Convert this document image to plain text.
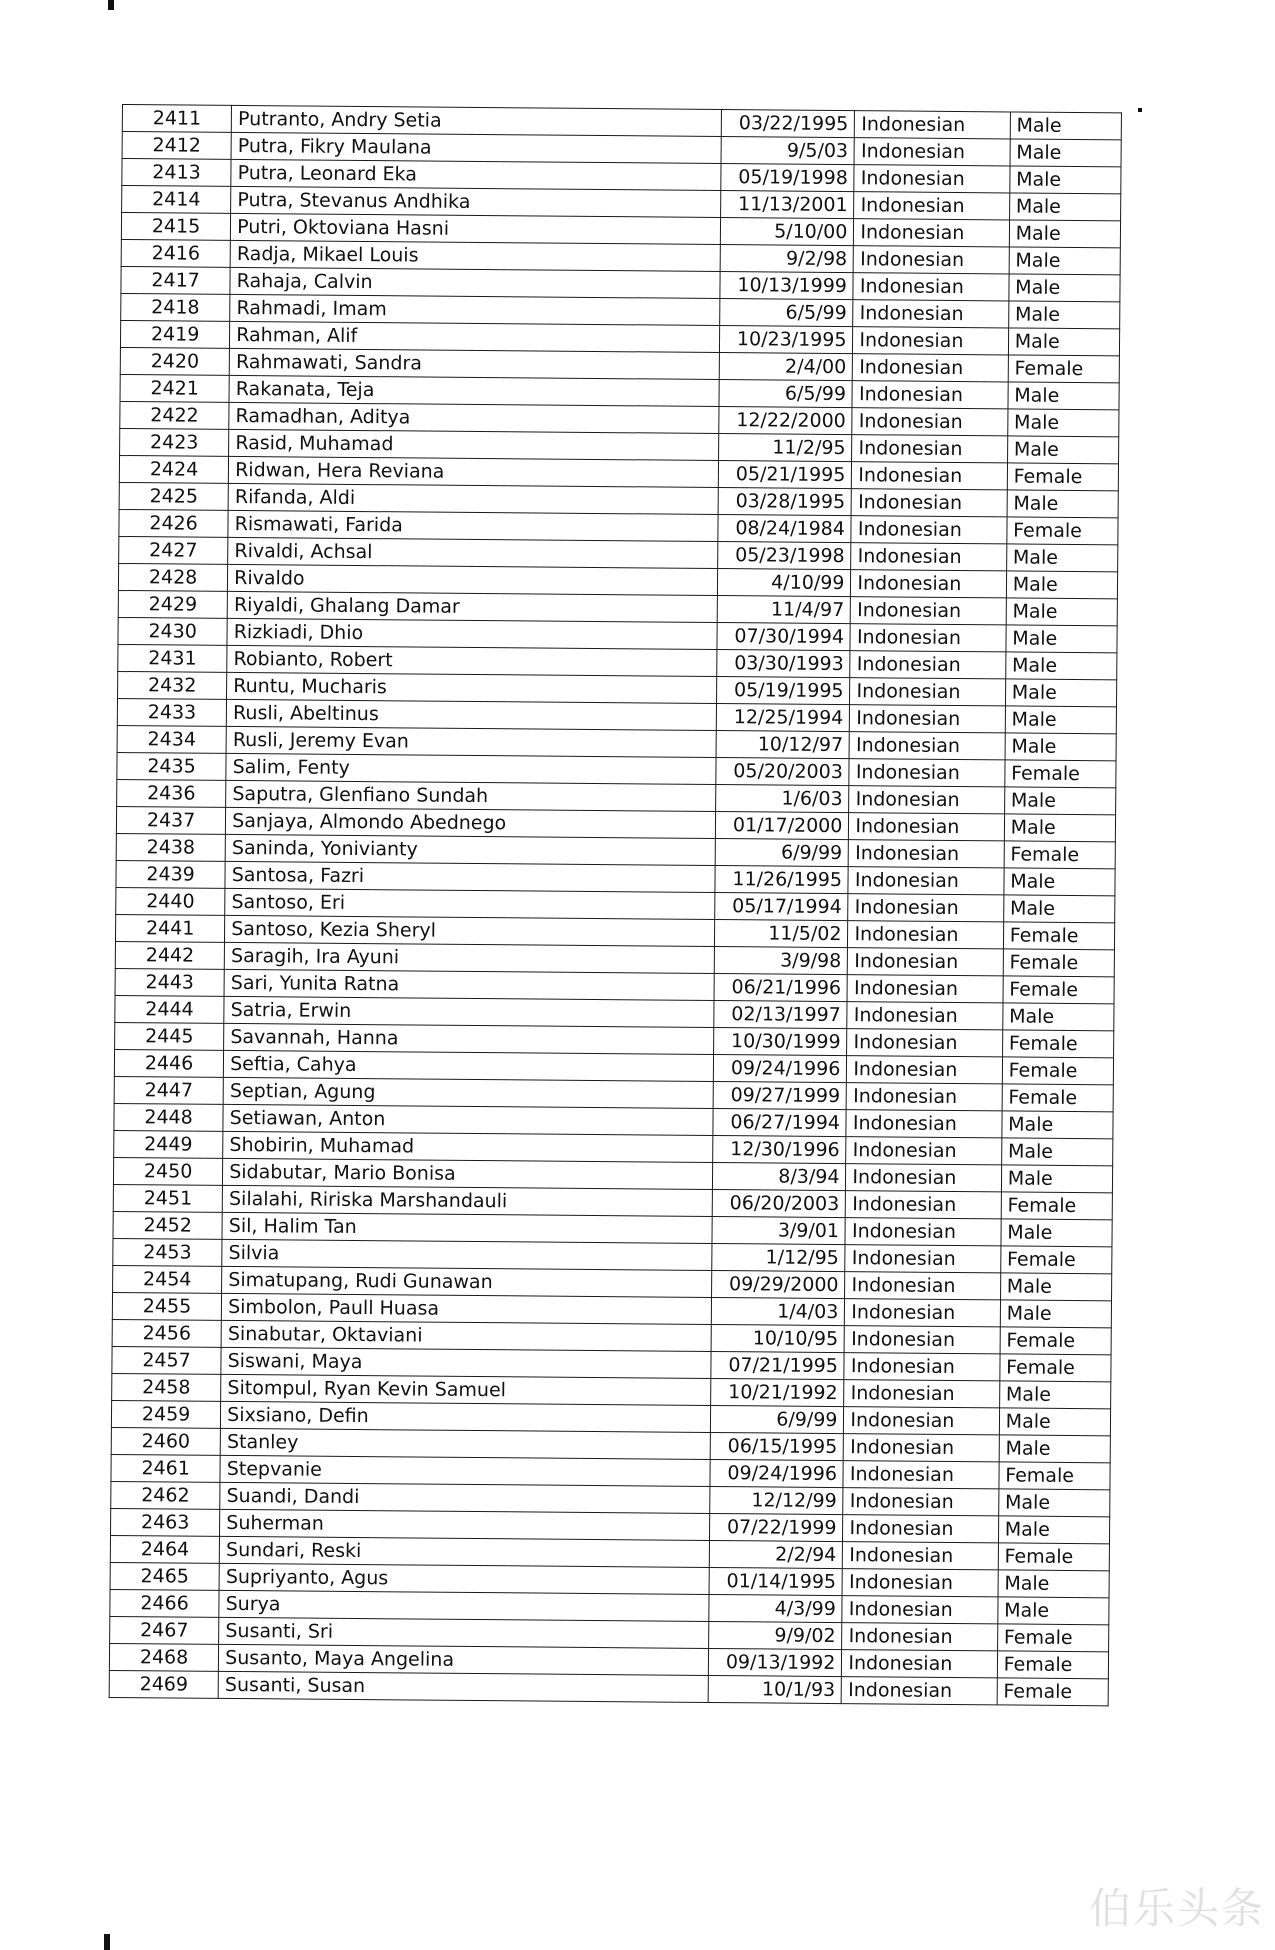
2411	Putranto, Andry Setia	03/22/1995	Indonesian	Male
2412	Putra, Fikry Maulana	9/5/03	Indonesian	Male
2413	Putra, Leonard Eka	05/19/1998	Indonesian	Male
2414	Putra, Stevanus Andhika	11/13/2001	Indonesian	Male
2415	Putri, Oktoviana Hasni	5/10/00	Indonesian	Male
2416	Radja, Mikael Louis	9/2/98	Indonesian	Male
2417	Rahaja, Calvin	10/13/1999	Indonesian	Male
2418	Rahmadi, Imam	6/5/99	Indonesian	Male
2419	Rahman, Alif	10/23/1995	Indonesian	Male
2420	Rahmawati, Sandra	2/4/00	Indonesian	Female
2421	Rakanata, Teja	6/5/99	Indonesian	Male
2422	Ramadhan, Aditya	12/22/2000	Indonesian	Male
2423	Rasid, Muhamad	11/2/95	Indonesian	Male
2424	Ridwan, Hera Reviana	05/21/1995	Indonesian	Female
2425	Rifanda, Aldi	03/28/1995	Indonesian	Male
2426	Rismawati, Farida	08/24/1984	Indonesian	Female
2427	Rivaldi, Achsal	05/23/1998	Indonesian	Male
2428	Rivaldo	4/10/99	Indonesian	Male
2429	Riyaldi, Ghalang Damar	11/4/97	Indonesian	Male
2430	Rizkiadi, Dhio	07/30/1994	Indonesian	Male
2431	Robianto, Robert	03/30/1993	Indonesian	Male
2432	Runtu, Mucharis	05/19/1995	Indonesian	Male
2433	Rusli, Abeltinus	12/25/1994	Indonesian	Male
2434	Rusli, Jeremy Evan	10/12/97	Indonesian	Male
2435	Salim, Fenty	05/20/2003	Indonesian	Female
2436	Saputra, Glenfiano Sundah	1/6/03	Indonesian	Male
2437	Sanjaya, Almondo Abednego	01/17/2000	Indonesian	Male
2438	Saninda, Yonivianty	6/9/99	Indonesian	Female
2439	Santosa, Fazri	11/26/1995	Indonesian	Male
2440	Santoso, Eri	05/17/1994	Indonesian	Male
2441	Santoso, Kezia Sheryl	11/5/02	Indonesian	Female
2442	Saragih, Ira Ayuni	3/9/98	Indonesian	Female
2443	Sari, Yunita Ratna	06/21/1996	Indonesian	Female
2444	Satria, Erwin	02/13/1997	Indonesian	Male
2445	Savannah, Hanna	10/30/1999	Indonesian	Female
2446	Seftia, Cahya	09/24/1996	Indonesian	Female
2447	Septian, Agung	09/27/1999	Indonesian	Female
2448	Setiawan, Anton	06/27/1994	Indonesian	Male
2449	Shobirin, Muhamad	12/30/1996	Indonesian	Male
2450	Sidabutar, Mario Bonisa	8/3/94	Indonesian	Male
2451	Silalahi, Ririska Marshandauli	06/20/2003	Indonesian	Female
2452	Sil, Halim Tan	3/9/01	Indonesian	Male
2453	Silvia	1/12/95	Indonesian	Female
2454	Simatupang, Rudi Gunawan	09/29/2000	Indonesian	Male
2455	Simbolon, Paull Huasa	1/4/03	Indonesian	Male
2456	Sinabutar, Oktaviani	10/10/95	Indonesian	Female
2457	Siswani, Maya	07/21/1995	Indonesian	Female
2458	Sitompul, Ryan Kevin Samuel	10/21/1992	Indonesian	Male
2459	Sixsiano, Defin	6/9/99	Indonesian	Male
2460	Stanley	06/15/1995	Indonesian	Male
2461	Stepvanie	09/24/1996	Indonesian	Female
2462	Suandi, Dandi	12/12/99	Indonesian	Male
2463	Suherman	07/22/1999	Indonesian	Male
2464	Sundari, Reski	2/2/94	Indonesian	Female
2465	Supriyanto, Agus	01/14/1995	Indonesian	Male
2466	Surya	4/3/99	Indonesian	Male
2467	Susanti, Sri	9/9/02	Indonesian	Female
2468	Susanto, Maya Angelina	09/13/1992	Indonesian	Female
2469	Susanti, Susan	10/1/93	Indonesian	Female
伯乐头条
